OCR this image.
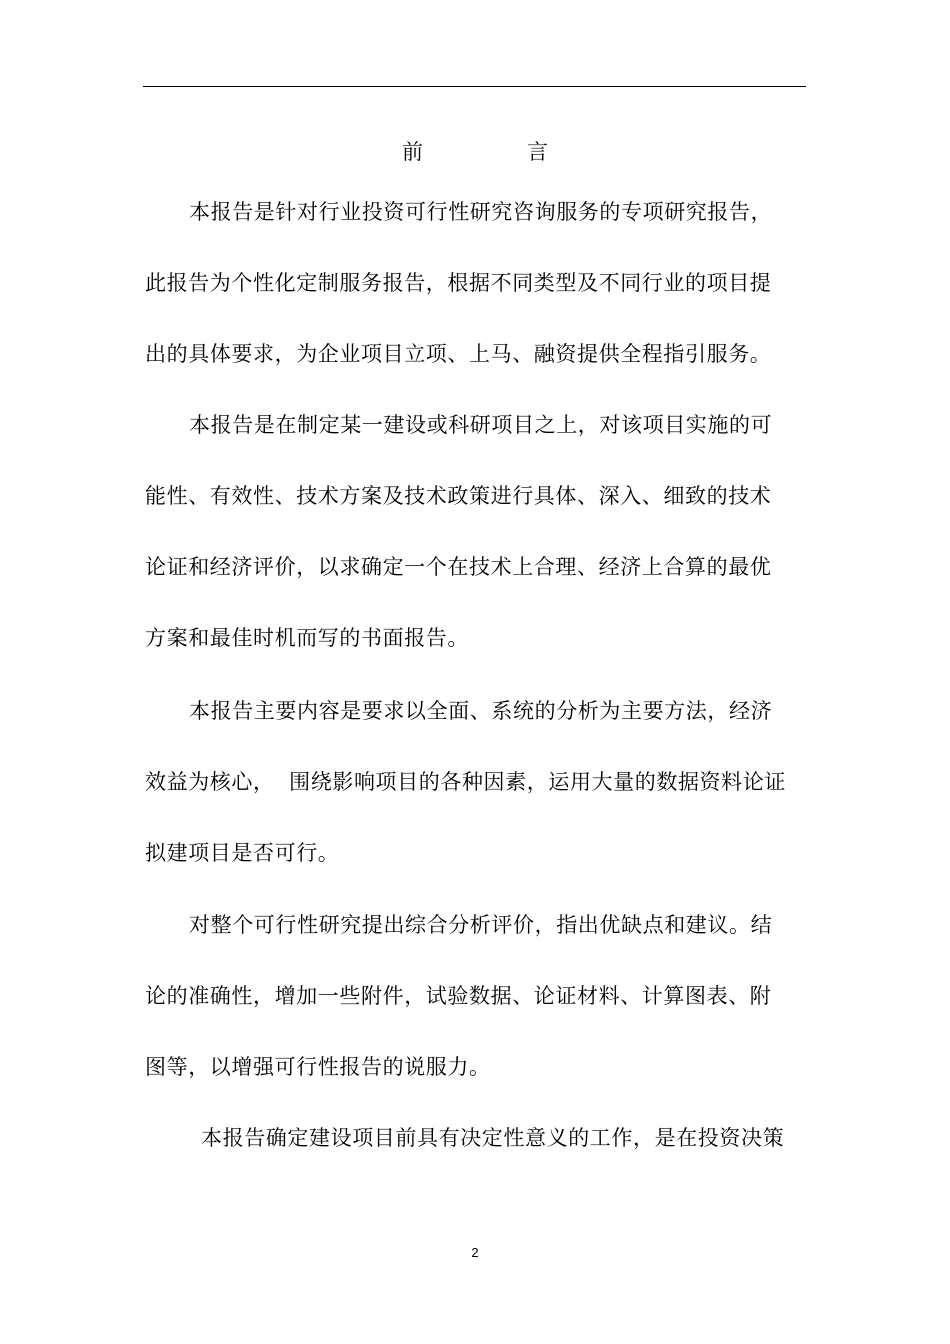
前	言
本报告是针对行业投资可行性研究咨询服务的专项研究报告，
此报告为个性化定制服务报告，根据不同类型及不同行业的项目提
出的具体要求，为企业项目立项、上马、融资提供全程指引服务。
本报告是在制定某一建设或科研项目之上，对该项目实施的可
能性、有效性、技术方案及技术政策进行具体、深入、细致的技术
论证和经济评价，以求确定一个在技术上合理、经济上合算的最优
方案和最佳时机而写的书面报告。
本报告主要内容是要求以全面、系统的分析为主要方法，经济
效益为核心，  围绕影响项目的各种因素，运用大量的数据资料论证
拟建项目是否可行。
对整个可行性研究提出综合分析评价，指出优缺点和建议。结
论的准确性，增加一些附件，试验数据、论证材料、计算图表、附
图等，以增强可行性报告的说服力。
本报告确定建设项目前具有决定性意义的工作，是在投资决策
2
